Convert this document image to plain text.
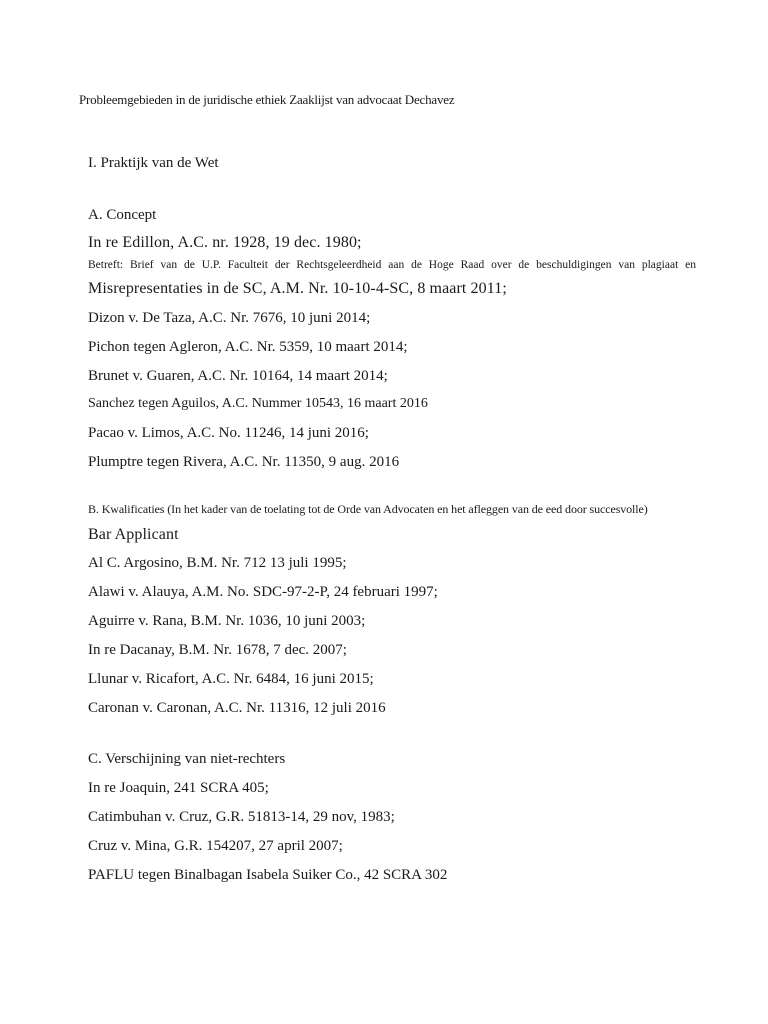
Probleemgebieden in de juridische ethiek Zaaklijst van advocaat Dechavez
I. Praktijk van de Wet
A. Concept
In re Edillon, A.C. nr. 1928, 19 dec. 1980;
Betreft: Brief van de U.P. Faculteit der Rechtsgeleerdheid aan de Hoge Raad over de beschuldigingen van plagiaat en
Misrepresentaties in de SC, A.M. Nr. 10-10-4-SC, 8 maart 2011;
Dizon v. De Taza, A.C. Nr. 7676, 10 juni 2014;
Pichon tegen Agleron, A.C. Nr. 5359, 10 maart 2014;
Brunet v. Guaren, A.C. Nr. 10164, 14 maart 2014;
Sanchez tegen Aguilos, A.C. Nummer 10543, 16 maart 2016
Pacao v. Limos, A.C. No. 11246, 14 juni 2016;
Plumptre tegen Rivera, A.C. Nr. 11350, 9 aug. 2016
B. Kwalificaties (In het kader van de toelating tot de Orde van Advocaten en het afleggen van de eed door succesvolle)
Bar Applicant
Al C. Argosino, B.M. Nr. 712 13 juli 1995;
Alawi v. Alauya, A.M. No. SDC-97-2-P, 24 februari 1997;
Aguirre v. Rana, B.M. Nr. 1036, 10 juni 2003;
In re Dacanay, B.M. Nr. 1678, 7 dec. 2007;
Llunar v. Ricafort, A.C. Nr. 6484, 16 juni 2015;
Caronan v. Caronan, A.C. Nr. 11316, 12 juli 2016
C. Verschijning van niet-rechters
In re Joaquin, 241 SCRA 405;
Catimbuhan v. Cruz, G.R. 51813-14, 29 nov, 1983;
Cruz v. Mina, G.R. 154207, 27 april 2007;
PAFLU tegen Binalbagan Isabela Suiker Co., 42 SCRA 302
